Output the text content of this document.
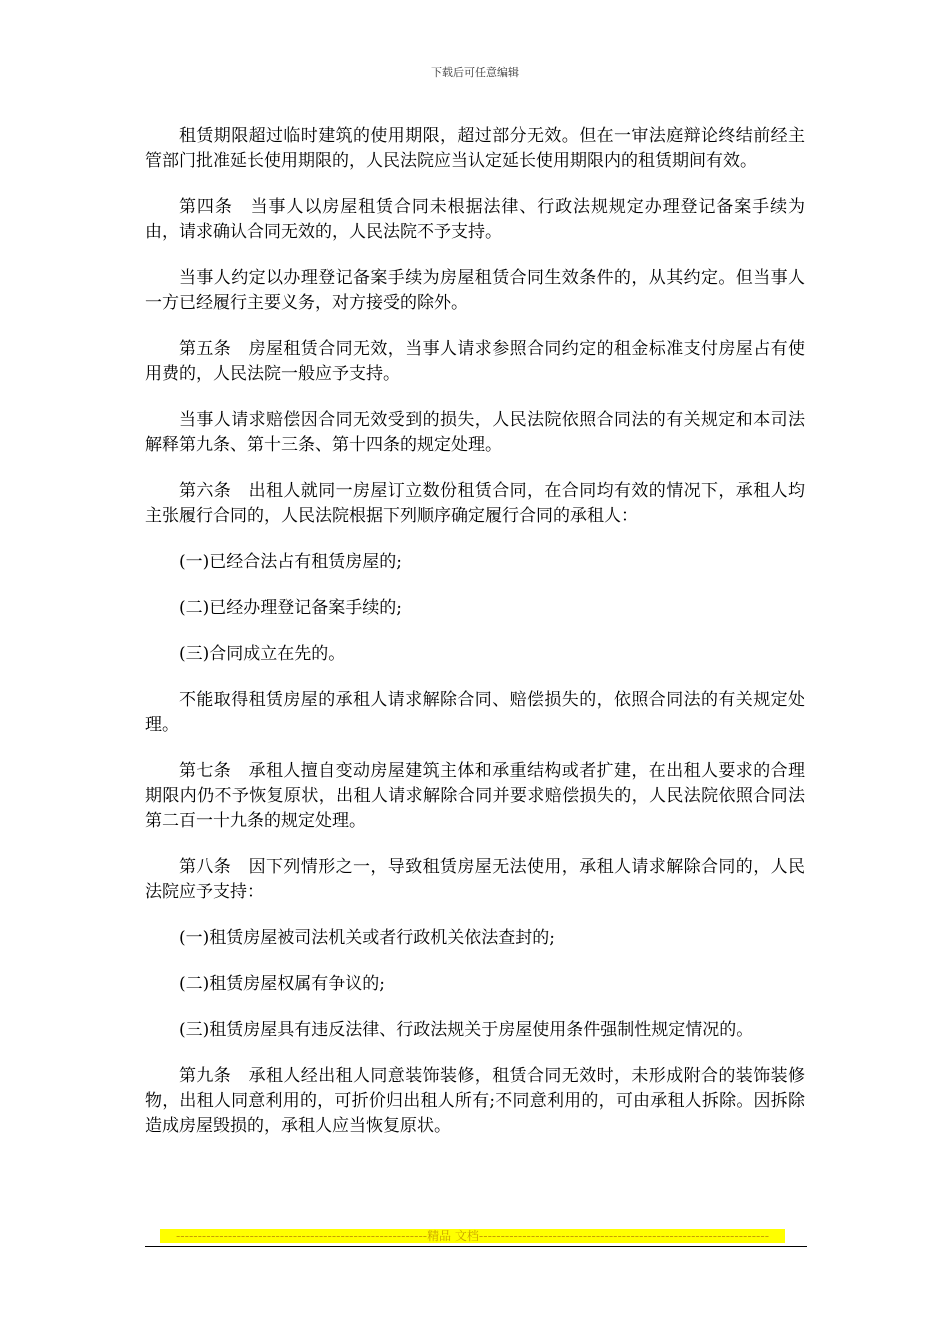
下载后可任意编辑

租赁期限超过临时建筑的使用期限，超过部分无效。但在一审法庭辩论终结前经主管部门批准延长使用期限的，人民法院应当认定延长使用期限内的租赁期间有效。

第四条　当事人以房屋租赁合同未根据法律、行政法规规定办理登记备案手续为由，请求确认合同无效的，人民法院不予支持。

当事人约定以办理登记备案手续为房屋租赁合同生效条件的，从其约定。但当事人一方已经履行主要义务，对方接受的除外。

第五条　房屋租赁合同无效，当事人请求参照合同约定的租金标准支付房屋占有使用费的，人民法院一般应予支持。

当事人请求赔偿因合同无效受到的损失，人民法院依照合同法的有关规定和本司法解释第九条、第十三条、第十四条的规定处理。

第六条　出租人就同一房屋订立数份租赁合同，在合同均有效的情况下，承租人均主张履行合同的，人民法院根据下列顺序确定履行合同的承租人：

(一)已经合法占有租赁房屋的;

(二)已经办理登记备案手续的;

(三)合同成立在先的。

不能取得租赁房屋的承租人请求解除合同、赔偿损失的，依照合同法的有关规定处理。

第七条　承租人擅自变动房屋建筑主体和承重结构或者扩建，在出租人要求的合理期限内仍不予恢复原状，出租人请求解除合同并要求赔偿损失的，人民法院依照合同法第二百一十九条的规定处理。

第八条　因下列情形之一，导致租赁房屋无法使用，承租人请求解除合同的，人民法院应予支持：

(一)租赁房屋被司法机关或者行政机关依法查封的;

(二)租赁房屋权属有争议的;

(三)租赁房屋具有违反法律、行政法规关于房屋使用条件强制性规定情况的。

第九条　承租人经出租人同意装饰装修，租赁合同无效时，未形成附合的装饰装修物，出租人同意利用的，可折价归出租人所有;不同意利用的，可由承租人拆除。因拆除造成房屋毁损的，承租人应当恢复原状。

----------------------------------------------------------精品 文档-------------------------------------------------------------------
